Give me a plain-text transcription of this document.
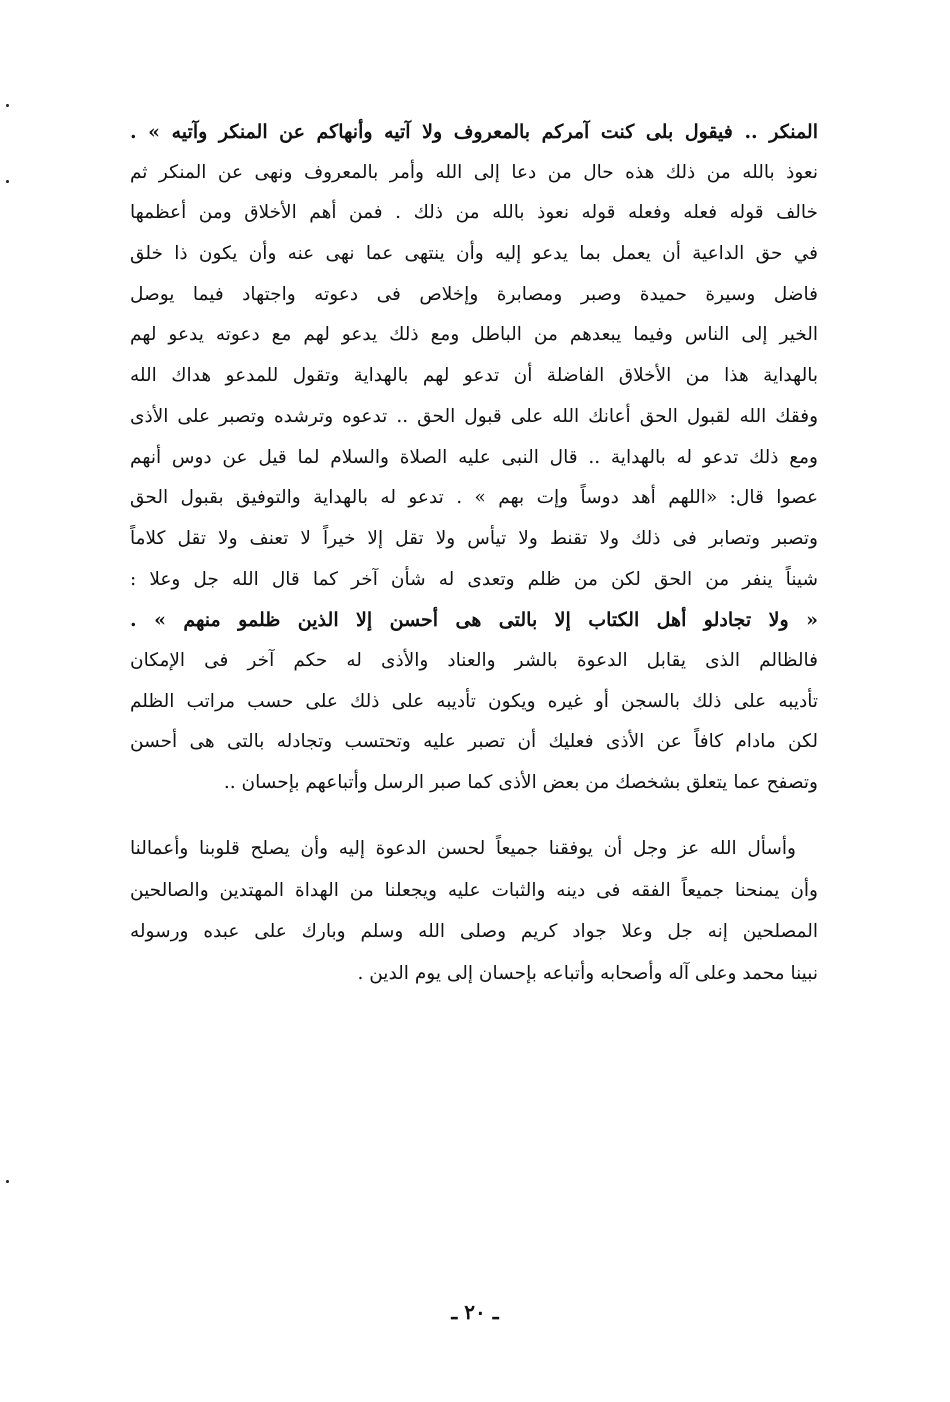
المنكر .. فيقول بلى كنت آمركم بالمعروف ولا آتيه وأنهاكم عن المنكر وآتيه » .
نعوذ بالله من ذلك هذه حال من دعا إلى الله وأمر بالمعروف ونهى عن المنكر ثم
خالف قوله فعله وفعله قوله نعوذ بالله من ذلك . فمن أهم الأخلاق ومن أعظمها
في حق الداعية أن يعمل بما يدعو إليه وأن ينتهى عما نهى عنه وأن يكون ذا خلق
فاضل وسيرة حميدة وصبر ومصابرة وإخلاص فى دعوته واجتهاد فيما يوصل
الخير إلى الناس وفيما يبعدهم من الباطل ومع ذلك يدعو لهم مع دعوته يدعو لهم
بالهداية هذا من الأخلاق الفاضلة أن تدعو لهم بالهداية وتقول للمدعو هداك الله
وفقك الله لقبول الحق أعانك الله على قبول الحق .. تدعوه وترشده وتصبر على الأذى
ومع ذلك تدعو له بالهداية .. قال النبى عليه الصلاة والسلام لما قيل عن دوس أنهم
عصوا قال: «اللهم أهد دوساً وإت بهم » . تدعو له بالهداية والتوفيق بقبول الحق
وتصبر وتصابر فى ذلك ولا تقنط ولا تيأس ولا تقل إلا خيراً لا تعنف ولا تقل كلاماً
شيناً ينفر من الحق لكن من ظلم وتعدى له شأن آخر كما قال الله جل وعلا :
« ولا تجادلو أهل الكتاب إلا بالتى هى أحسن إلا الذين ظلمو منهم » .
فالظالم الذى يقابل الدعوة بالشر والعناد والأذى له حكم آخر فى الإمكان
تأديبه على ذلك بالسجن أو غيره ويكون تأديبه على ذلك على حسب مراتب الظلم
لكن مادام كافاً عن الأذى فعليك أن تصبر عليه وتحتسب وتجادله بالتى هى أحسن
وتصفح عما يتعلق بشخصك من بعض الأذى كما صبر الرسل وأتباعهم بإحسان ..
وأسأل الله عز وجل أن يوفقنا جميعاً لحسن الدعوة إليه وأن يصلح قلوبنا وأعمالنا
وأن يمنحنا جميعاً الفقه فى دينه والثبات عليه ويجعلنا من الهداة المهتدين والصالحين
المصلحين إنه جل وعلا جواد كريم وصلى الله وسلم وبارك على عبده ورسوله
نبينا محمد وعلى آله وأصحابه وأتباعه بإحسان إلى يوم الدين .
ـ ٢٠ ـ
